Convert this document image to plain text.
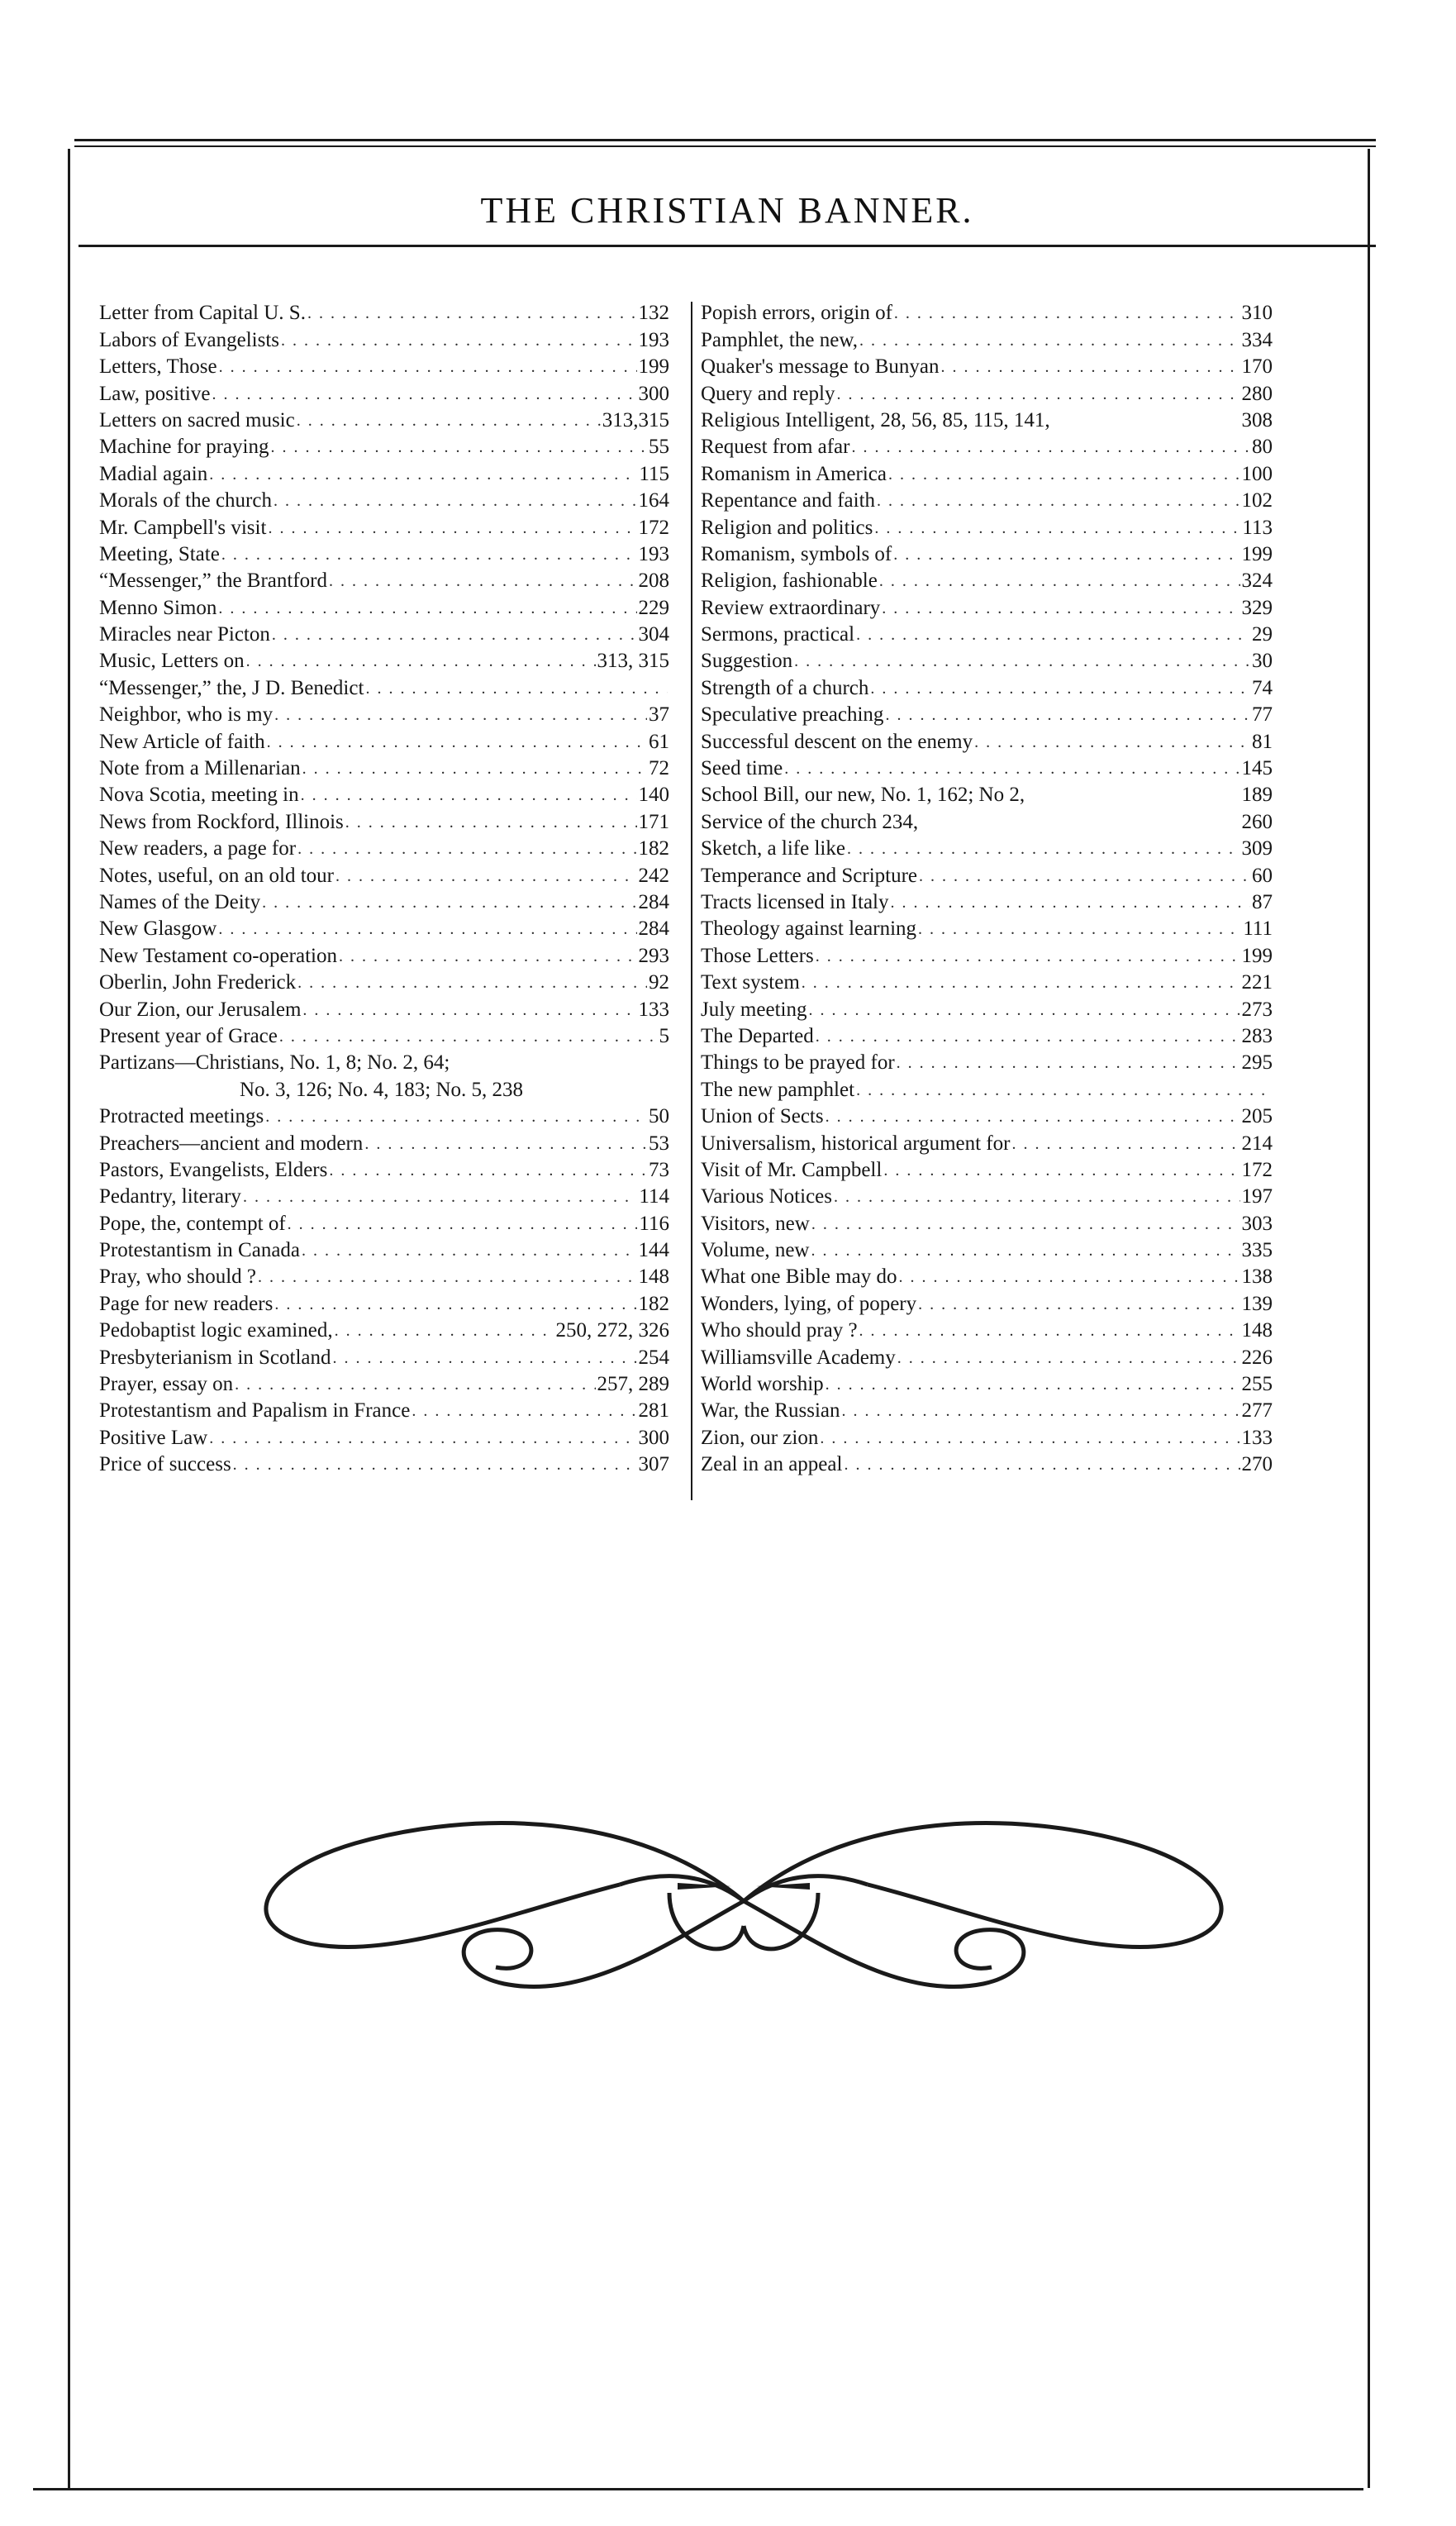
THE CHRISTIAN BANNER.
Letter from Capital U. S. . . .	132
Labors of Evangelists . . .	193
Letters, Those . . .	199
Law, positive . . .	300
Letters on sacred music . . .	313,315
Machine for praying . . .	55
Madial again . . .	115
Morals of the church . . .	164
Mr. Campbell's visit . . .	172
Meeting, State . . .	193
“Messenger,” the Brantford . . .	208
Menno Simon . . .	229
Miracles near Picton . . .	304
Music, Letters on . . .	313, 315
“Messenger,” the, J D. Benedict
. . .
Neighbor, who is my . . .	37
New Article of faith . . .	61
Note from a Millenarian . . .	72
Nova Scotia, meeting in . . .	140
News from Rockford, Illinois . . .	171
New readers, a page for . . .	182
Notes, useful, on an old tour . . .	242
Names of the Deity . . .	284
New Glasgow . . .	284
New Testament co-operation . . .	293
Oberlin, John Frederick . . .	92
Our Zion, our Jerusalem . . .	133
Present year of Grace . . .	5
Partizans—Christians, No. 1, 8; No. 2, 64;
No. 3, 126; No. 4, 183; No. 5, 238
Protracted meetings . . .	50
Preachers—ancient and modern . . .	53
Pastors, Evangelists, Elders . . .	73
Pedantry, literary . . .	114
Pope, the, contempt of . . .	116
Protestantism in Canada . . .	144
Pray, who should ? . . .	148
Page for new readers . . .	182
Pedobaptist logic examined, . . .	250, 272, 326
Presbyterianism in Scotland . . .	254
Prayer, essay on . . .	257, 289
Protestantism and Papalism in France . . .	281
Positive Law . . .	300
Price of success . . .	307
Popish errors, origin of . . .	310
Pamphlet, the new, . . .	334
Quaker's message to Bunyan . . .	170
Query and reply . . .	280
Religious Intelligent, 28, 56, 85, 115, 141,	308
Request from afar . . .	80
Romanism in America . . .	100
Repentance and faith . . .	102
Religion and politics . . .	113
Romanism, symbols of . . .	199
Religion, fashionable . . .	324
Review extraordinary . . .	329
Sermons, practical . . .	29
Suggestion . . .	30
Strength of a church . . .	74
Speculative preaching . . .	77
Successful descent on the enemy . . .	81
Seed time . . .	145
School Bill, our new, No. 1, 162; No 2,	189
Service of the church 234,	260
Sketch, a life like . . .	309
Temperance and Scripture . . .	60
Tracts licensed in Italy . . .	87
Theology against learning . . .	111
Those Letters . . .	199
Text system . . .	221
July meeting . . .	273
The Departed . . .	283
Things to be prayed for . . .	295
The new pamphlet
. . .
Union of Sects . . .	205
Universalism, historical argument for . . .	214
Visit of Mr. Campbell . . .	172
Various Notices . . .	197
Visitors, new . . .	303
Volume, new . . .	335
What one Bible may do . . .	138
Wonders, lying, of popery . . .	139
Who should pray ? . . .	148
Williamsville Academy . . .	226
World worship . . .	255
War, the Russian . . .	277
Zion, our zion . . .	133
Zeal in an appeal . . .	270
